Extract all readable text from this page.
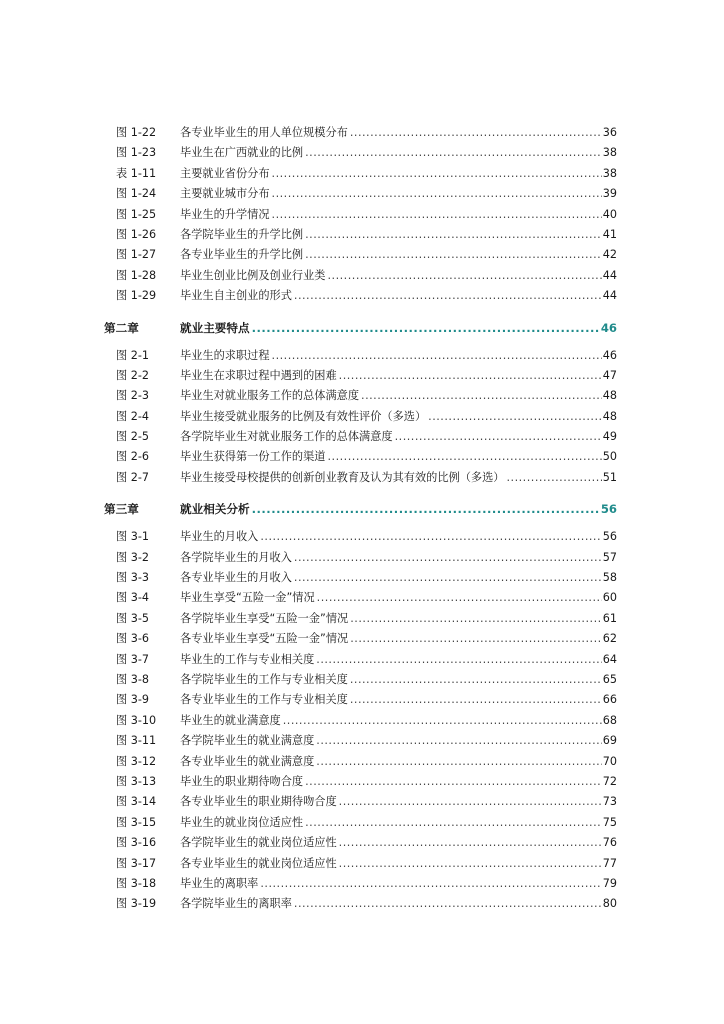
图 1-22	各专业毕业生的用人单位规模分布 .....	36
图 1-23	毕业生在广西就业的比例 .....	38
表 1-11	主要就业省份分布 .....	38
图 1-24	主要就业城市分布 .....	39
图 1-25	毕业生的升学情况 .....	40
图 1-26	各学院毕业生的升学比例 .....	41
图 1-27	各专业毕业生的升学比例 .....	42
图 1-28	毕业生创业比例及创业行业类 .....	44
图 1-29	毕业生自主创业的形式 .....	44
第二章	就业主要特点 .....	46
图 2-1	毕业生的求职过程 .....	46
图 2-2	毕业生在求职过程中遇到的困难 .....	47
图 2-3	毕业生对就业服务工作的总体满意度 .....	48
图 2-4	毕业生接受就业服务的比例及有效性评价（多选） .....	48
图 2-5	各学院毕业生对就业服务工作的总体满意度 .....	49
图 2-6	毕业生获得第一份工作的渠道 .....	50
图 2-7	毕业生接受母校提供的创新创业教育及认为其有效的比例（多选） .....	51
第三章	就业相关分析 .....	56
图 3-1	毕业生的月收入 .....	56
图 3-2	各学院毕业生的月收入 .....	57
图 3-3	各专业毕业生的月收入 .....	58
图 3-4	毕业生享受“五险一金”情况 .....	60
图 3-5	各学院毕业生享受“五险一金”情况 .....	61
图 3-6	各专业毕业生享受“五险一金”情况 .....	62
图 3-7	毕业生的工作与专业相关度 .....	64
图 3-8	各学院毕业生的工作与专业相关度 .....	65
图 3-9	各专业毕业生的工作与专业相关度 .....	66
图 3-10	毕业生的就业满意度 .....	68
图 3-11	各学院毕业生的就业满意度 .....	69
图 3-12	各专业毕业生的就业满意度 .....	70
图 3-13	毕业生的职业期待吻合度 .....	72
图 3-14	各专业毕业生的职业期待吻合度 .....	73
图 3-15	毕业生的就业岗位适应性 .....	75
图 3-16	各学院毕业生的就业岗位适应性 .....	76
图 3-17	各专业毕业生的就业岗位适应性 .....	77
图 3-18	毕业生的离职率 .....	79
图 3-19	各学院毕业生的离职率 .....	80
